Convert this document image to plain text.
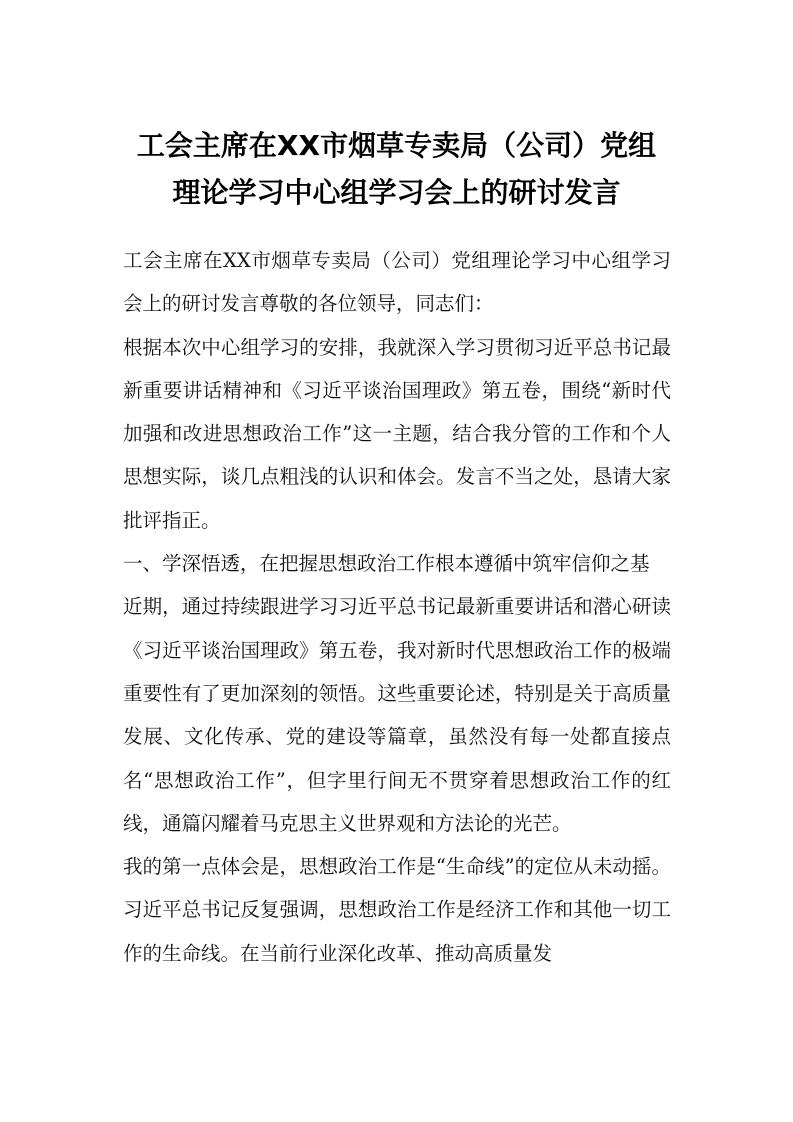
工会主席在XX市烟草专卖局（公司）党组
理论学习中心组学习会上的研讨发言

工会主席在XX市烟草专卖局（公司）党组理论学习中心组学习会上的研讨发言尊敬的各位领导，同志们：

根据本次中心组学习的安排，我就深入学习贯彻习近平总书记最新重要讲话精神和《习近平谈治国理政》第五卷，围绕“新时代加强和改进思想政治工作”这一主题，结合我分管的工作和个人思想实际，谈几点粗浅的认识和体会。发言不当之处，恳请大家批评指正。

一、学深悟透，在把握思想政治工作根本遵循中筑牢信仰之基

近期，通过持续跟进学习习近平总书记最新重要讲话和潜心研读《习近平谈治国理政》第五卷，我对新时代思想政治工作的极端重要性有了更加深刻的领悟。这些重要论述，特别是关于高质量发展、文化传承、党的建设等篇章，虽然没有每一处都直接点名“思想政治工作”，但字里行间无不贯穿着思想政治工作的红线，通篇闪耀着马克思主义世界观和方法论的光芒。

我的第一点体会是，思想政治工作是“生命线”的定位从未动摇。习近平总书记反复强调，思想政治工作是经济工作和其他一切工作的生命线。在当前行业深化改革、推动高质量发
